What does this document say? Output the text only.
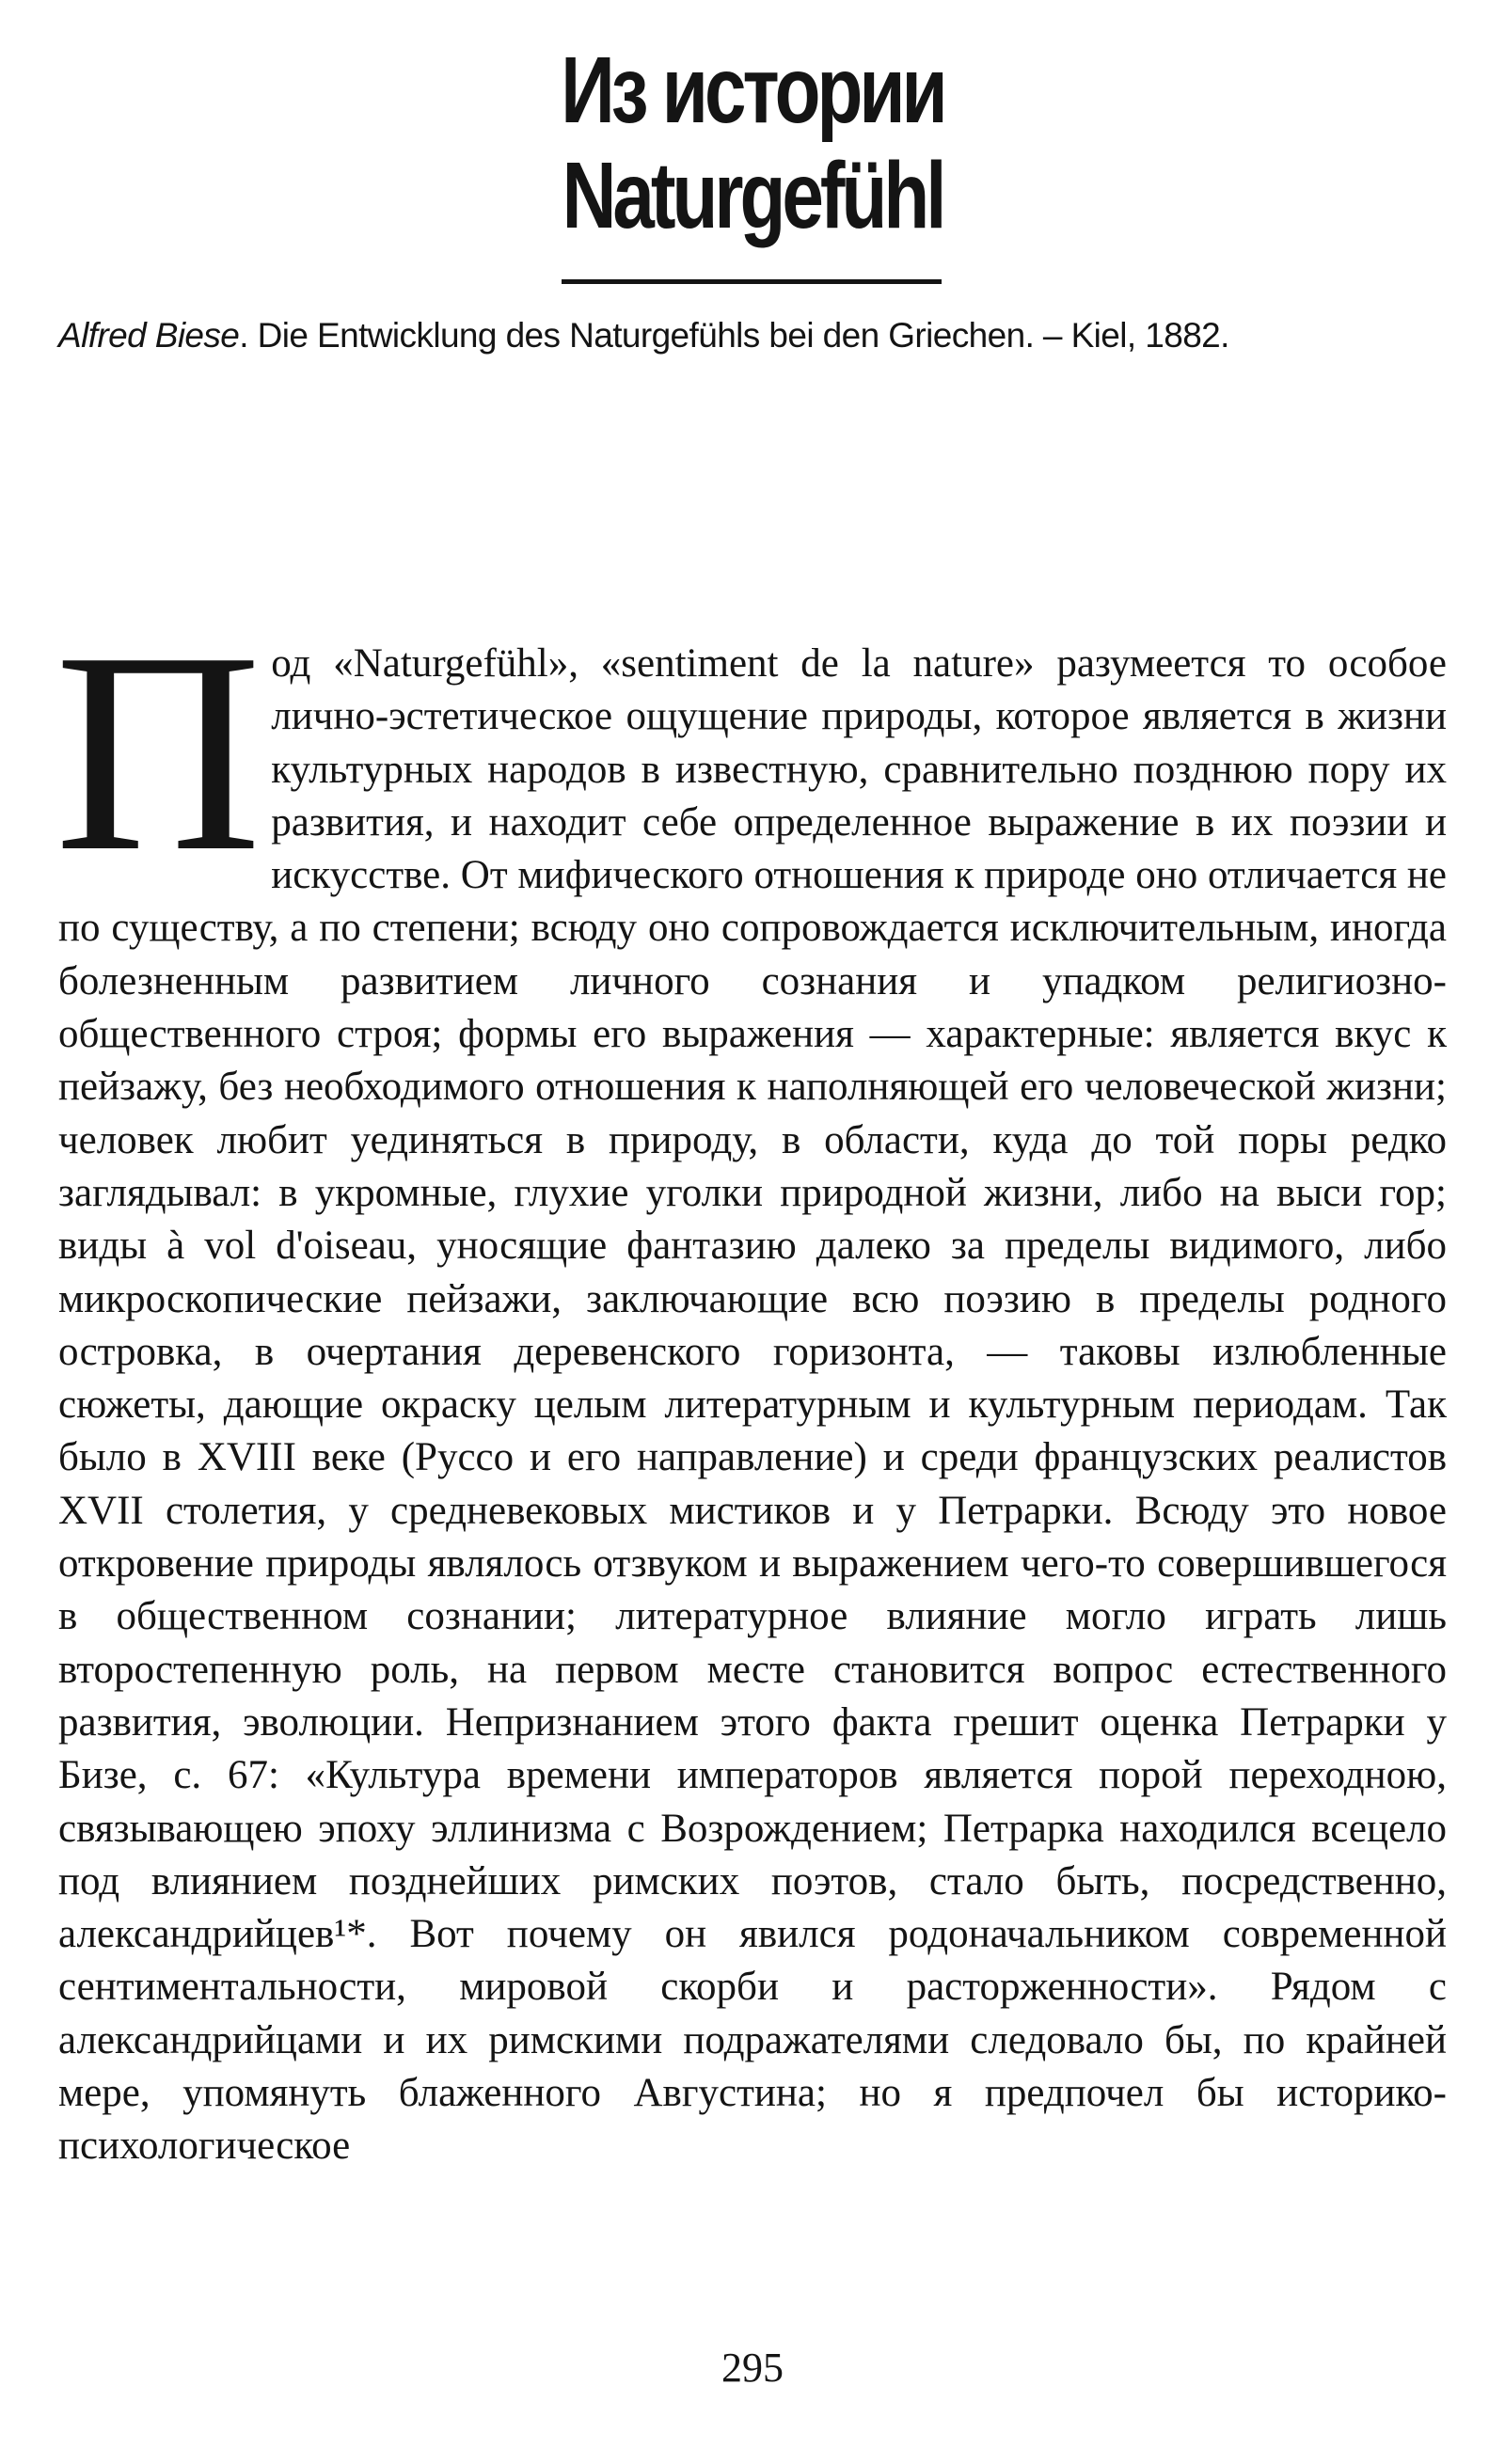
Из истории
Naturgefühl

Alfred Biese. Die Entwicklung des Naturgefühls bei den Griechen. – Kiel, 1882.

Под «Naturgefühl», «sentiment de la nature» разумеется то особое лично-эстетическое ощущение природы, которое является в жизни культурных народов в известную, сравнительно позднюю пору их развития, и находит себе определенное выражение в их поэзии и искусстве. От мифического отношения к природе оно отличается не по существу, а по степени; всюду оно сопровождается исключительным, иногда болезненным развитием личного сознания и упадком религиозно-общественного строя; формы его выражения — характерные: является вкус к пейзажу, без необходимого отношения к наполняющей его человеческой жизни; человек любит уединяться в природу, в области, куда до той поры редко заглядывал: в укромные, глухие уголки природной жизни, либо на выси гор; виды à vol d'oiseau, уносящие фантазию далеко за пределы видимого, либо микроскопические пейзажи, заключающие всю поэзию в пределы родного островка, в очертания деревенского горизонта, — таковы излюбленные сюжеты, дающие окраску целым литературным и культурным периодам. Так было в XVIII веке (Руссо и его направление) и среди французских реалистов XVII столетия, у средневековых мистиков и у Петрарки. Всюду это новое откровение природы являлось отзвуком и выражением чего-то совершившегося в общественном сознании; литературное влияние могло играть лишь второстепенную роль, на первом месте становится вопрос естественного развития, эволюции. Непризнанием этого факта грешит оценка Петрарки у Бизе, с. 67: «Культура времени императоров является порой переходною, связывающею эпоху эллинизма с Возрождением; Петрарка находился всецело под влиянием позднейших римских поэтов, стало быть, посредственно, александрийцев¹*. Вот почему он явился родоначальником современной сентиментальности, мировой скорби и расторженности». Рядом с александрийцами и их римскими подражателями следовало бы, по крайней мере, упомянуть блаженного Августина; но я предпочел бы историко-психологическое

295
